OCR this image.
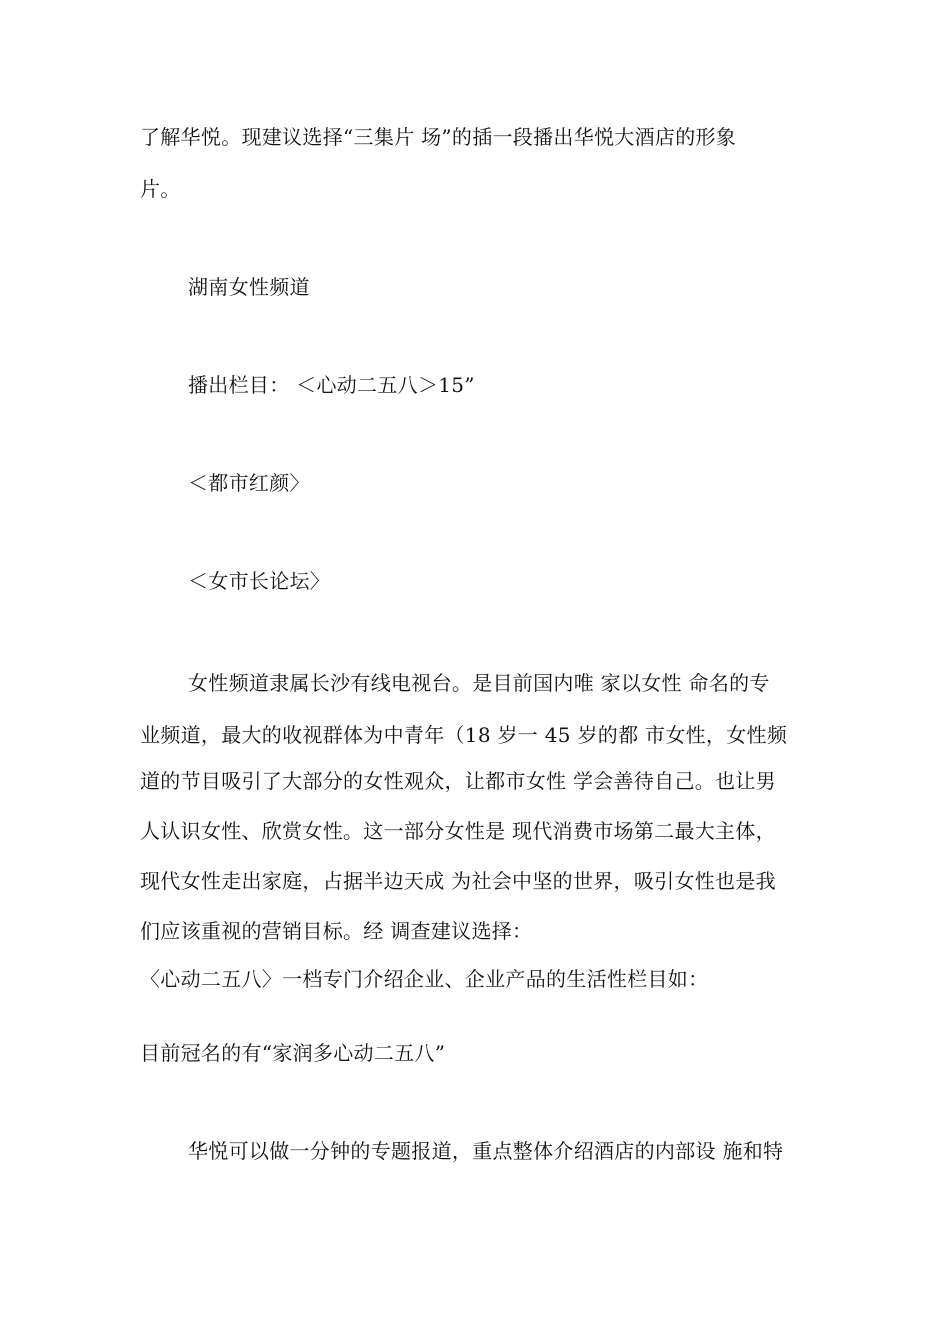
了解华悦。现建议选择“三集片 场”的插一段播出华悦大酒店的形象
片。
湖南女性频道
播出栏目： ＜心动二五八＞15”
＜都市红颜〉
＜女市长论坛〉
女性频道隶属长沙有线电视台。是目前国内唯 家以女性 命名的专
业频道，最大的收视群体为中青年（18 岁一 45 岁的都 市女性，女性频
道的节目吸引了大部分的女性观众，让都市女性 学会善待自己。也让男
人认识女性、欣赏女性。这一部分女性是 现代消费市场第二最大主体，
现代女性走出家庭，占据半边天成 为社会中坚的世界，吸引女性也是我
们应该重视的营销目标。经 调查建议选择：
〈心动二五八〉一档专门介绍企业、企业产品的生活性栏目如：
目前冠名的有“家润多心动二五八”
华悦可以做一分钟的专题报道，重点整体介绍酒店的内部设 施和特
